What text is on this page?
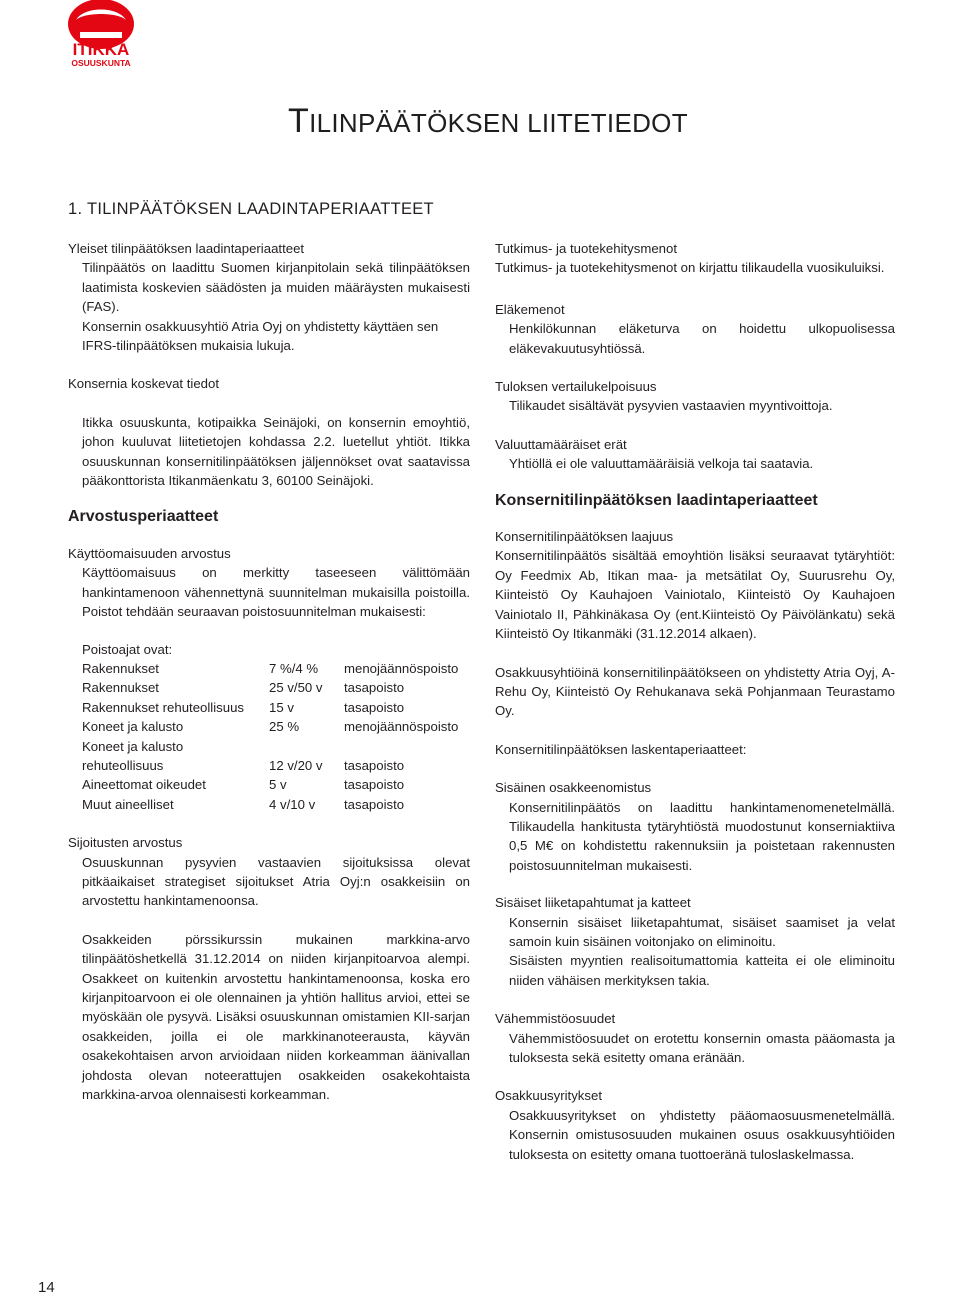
ITIKKA
OSUUSKUNTA
TILINPÄÄTÖKSEN LIITETIEDOT
1. TILINPÄÄTÖKSEN LAADINTAPERIAATTEET

Yleiset tilinpäätöksen laadintaperiaatteet

Tilinpäätös on laadittu Suomen kirjanpitolain sekä tilinpäätöksen laatimista koskevien säädösten ja muiden määräysten mukaisesti (FAS).

Konsernin osakkuusyhtiö Atria Oyj on yhdistetty käyttäen sen IFRS-tilinpäätöksen mukaisia lukuja.

Konsernia koskevat tiedot

Itikka osuuskunta, kotipaikka Seinäjoki, on konsernin emoyhtiö, johon kuuluvat liitetietojen kohdassa 2.2. luetellut yhtiöt. Itikka osuuskunnan konsernitilinpäätöksen jäljennökset ovat saatavissa pääkonttorista Itikanmäenkatu 3, 60100 Seinäjoki.

Arvostusperiaatteet

Käyttöomaisuuden arvostus

Käyttöomaisuus on merkitty taseeseen välittömään hankintamenoon vähennettynä suunnitelman mukaisilla poistoilla. Poistot tehdään seuraavan poistosuunnitelman mukaisesti:

Poistoajat ovat:

Rakennukset	7 %/4 %	menojäännöspoisto
Rakennukset	25 v/50 v	tasapoisto
Rakennukset rehuteollisuus	15 v	tasapoisto
Koneet ja kalusto	25 %	menojäännöspoisto
Koneet ja kalusto		
rehuteollisuus	12 v/20 v	tasapoisto
Aineettomat oikeudet	5 v	tasapoisto
Muut aineelliset	4 v/10 v	tasapoisto

Sijoitusten arvostus

Osuuskunnan pysyvien vastaavien sijoituksissa olevat pitkäaikaiset strategiset sijoitukset Atria Oyj:n osakkeisiin on arvostettu hankintamenoonsa.

Osakkeiden pörssikurssin mukainen markkina-arvo tilinpäätöshetkellä 31.12.2014 on niiden kirjanpitoarvoa alempi. Osakkeet on kuitenkin arvostettu hankintamenoonsa, koska ero kirjanpitoarvoon ei ole olennainen ja yhtiön hallitus arvioi, ettei se myöskään ole pysyvä. Lisäksi osuuskunnan omistamien KII-sarjan osakkeiden, joilla ei ole markkinanoteerausta, käyvän osakekohtaisen arvon arvioidaan niiden korkeamman äänivallan johdosta olevan noteerattujen osakkeiden osakekohtaista markkina-arvoa olennaisesti korkeamman.

Tutkimus- ja tuotekehitysmenot

Tutkimus- ja tuotekehitysmenot on kirjattu tilikaudella vuosikuluiksi.

Eläkemenot

Henkilökunnan eläketurva on hoidettu ulkopuolisessa eläkevakuutusyhtiössä.

Tuloksen vertailukelpoisuus

Tilikaudet sisältävät pysyvien vastaavien myyntivoittoja.

Valuuttamääräiset erät

Yhtiöllä ei ole valuuttamääräisiä velkoja tai saatavia.

Konsernitilinpäätöksen laadintaperiaatteet

Konsernitilinpäätöksen laajuus

Konsernitilinpäätös sisältää emoyhtiön lisäksi seuraavat tytäryhtiöt: Oy Feedmix Ab, Itikan maa- ja metsätilat Oy, Suurusrehu Oy, Kiinteistö Oy Kauhajoen Vainiotalo, Kiinteistö Oy Kauhajoen Vainiotalo II, Pähkinäkasa Oy (ent.Kiinteistö Oy Päivölänkatu) sekä Kiinteistö Oy Itikanmäki (31.12.2014 alkaen).

Osakkuusyhtiöinä konsernitilinpäätökseen on yhdistetty Atria Oyj, A-Rehu Oy, Kiinteistö Oy Rehukanava sekä Pohjanmaan Teurastamo Oy.

Konsernitilinpäätöksen laskentaperiaatteet:

Sisäinen osakkeenomistus

Konsernitilinpäätös on laadittu hankintamenomenetelmällä. Tilikaudella hankitusta tytäryhtiöstä muodostunut konserniaktiiva 0,5 M€ on kohdistettu rakennuksiin ja poistetaan rakennusten poistosuunnitelman mukaisesti.

Sisäiset liiketapahtumat ja katteet

Konsernin sisäiset liiketapahtumat, sisäiset saamiset ja velat samoin kuin sisäinen voitonjako on eliminoitu.

Sisäisten myyntien realisoitumattomia katteita ei ole eliminoitu niiden vähäisen merkityksen takia.

Vähemmistöosuudet

Vähemmistöosuudet on erotettu konsernin omasta pääomasta ja tuloksesta sekä esitetty omana eränään.

Osakkuusyritykset

Osakkuusyritykset on yhdistetty pääomaosuusmenetelmällä. Konsernin omistusosuuden mukainen osuus osakkuusyhtiöiden tuloksesta on esitetty omana tuottoeränä tuloslaskelmassa.

14
